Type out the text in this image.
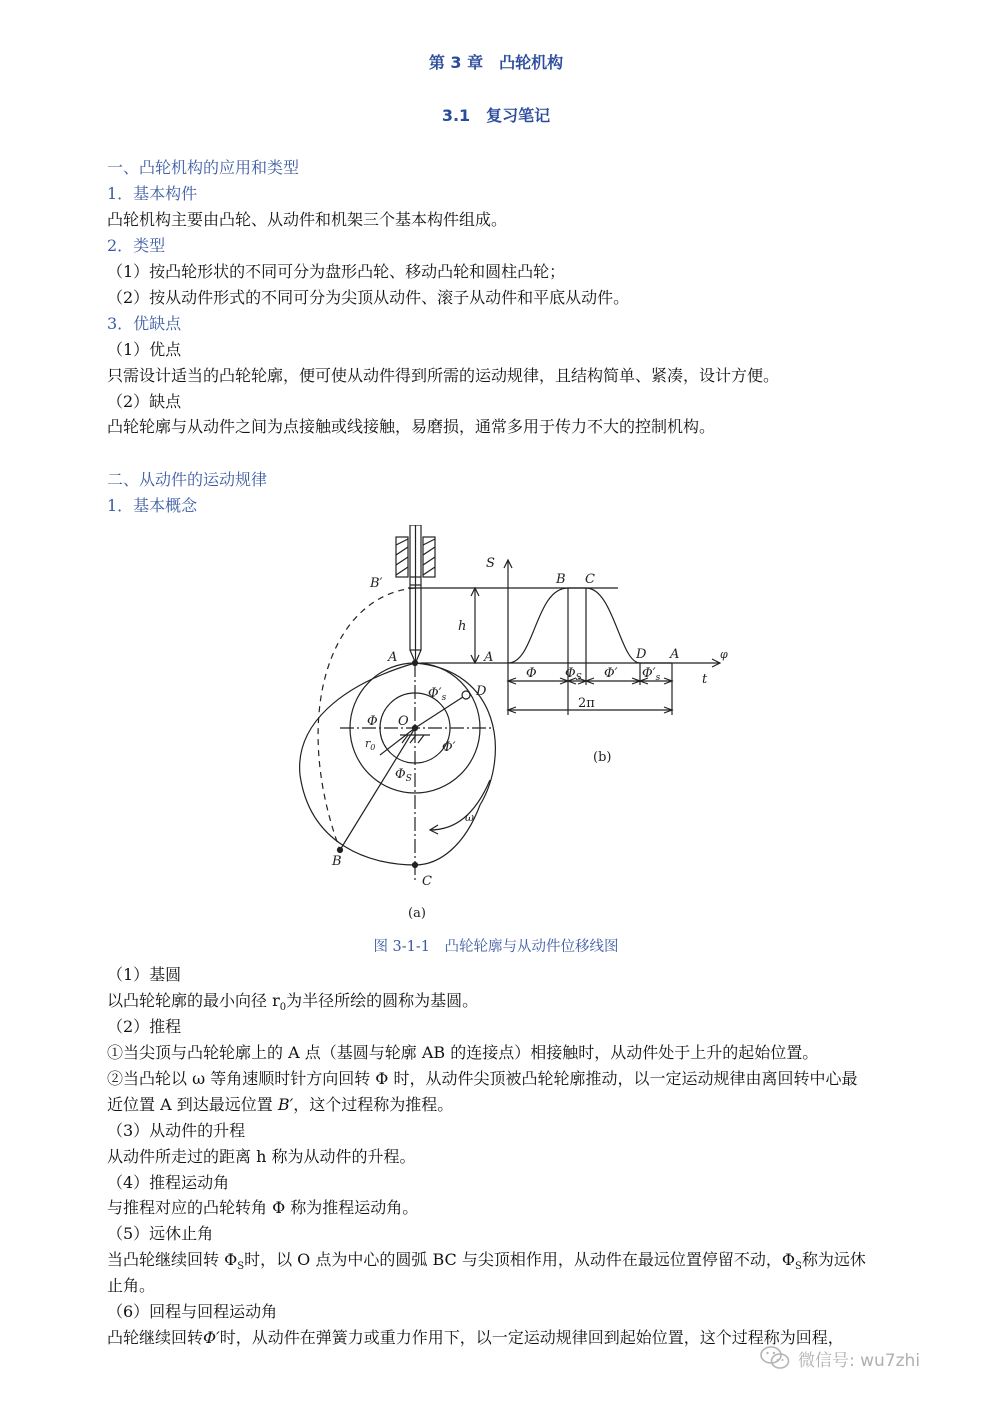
第 3 章　凸轮机构
3.1　复习笔记
一、凸轮机构的应用和类型
1．基本构件
凸轮机构主要由凸轮、从动件和机架三个基本构件组成。
2．类型
（1）按凸轮形状的不同可分为盘形凸轮、移动凸轮和圆柱凸轮；
（2）按从动件形式的不同可分为尖顶从动件、滚子从动件和平底从动件。
3．优缺点
（1）优点
只需设计适当的凸轮轮廓，便可使从动件得到所需的运动规律，且结构简单、紧凑，设计方便。
（2）缺点
凸轮轮廓与从动件之间为点接触或线接触，易磨损，通常多用于传力不大的控制机构。
二、从动件的运动规律
1．基本概念
B′
A
O
D
B
C
h
$r_0$
ω
Φ
$\Phi_S$
$\Phi'_s$
Φ′
S
φ
t
B C
A	D A
Φ $\Phi_S$ Φ′ $\Phi'_s$
2π
(a)
(b)
图 3-1-1　凸轮轮廓与从动件位移线图
（1）基圆
以凸轮轮廓的最小向径 $r_0$为半径所绘的圆称为基圆。
（2）推程
①当尖顶与凸轮轮廓上的 A 点（基圆与轮廓 AB 的连接点）相接触时，从动件处于上升的起始位置。
②当凸轮以 ω 等角速顺时针方向回转 Φ 时，从动件尖顶被凸轮轮廓推动，以一定运动规律由离回转中心最
近位置 A 到达最远位置 B′，这个过程称为推程。
（3）从动件的升程
从动件所走过的距离 h 称为从动件的升程。
（4）推程运动角
与推程对应的凸轮转角 Φ 称为推程运动角。
（5）远休止角
当凸轮继续回转 $\Phi_S$时，以 O 点为中心的圆弧 BC 与尖顶相作用，从动件在最远位置停留不动，$\Phi_S$称为远休
止角。
（6）回程与回程运动角
凸轮继续回转Φ′时，从动件在弹簧力或重力作用下，以一定运动规律回到起始位置，这个过程称为回程，
微信号: wu7zhi
